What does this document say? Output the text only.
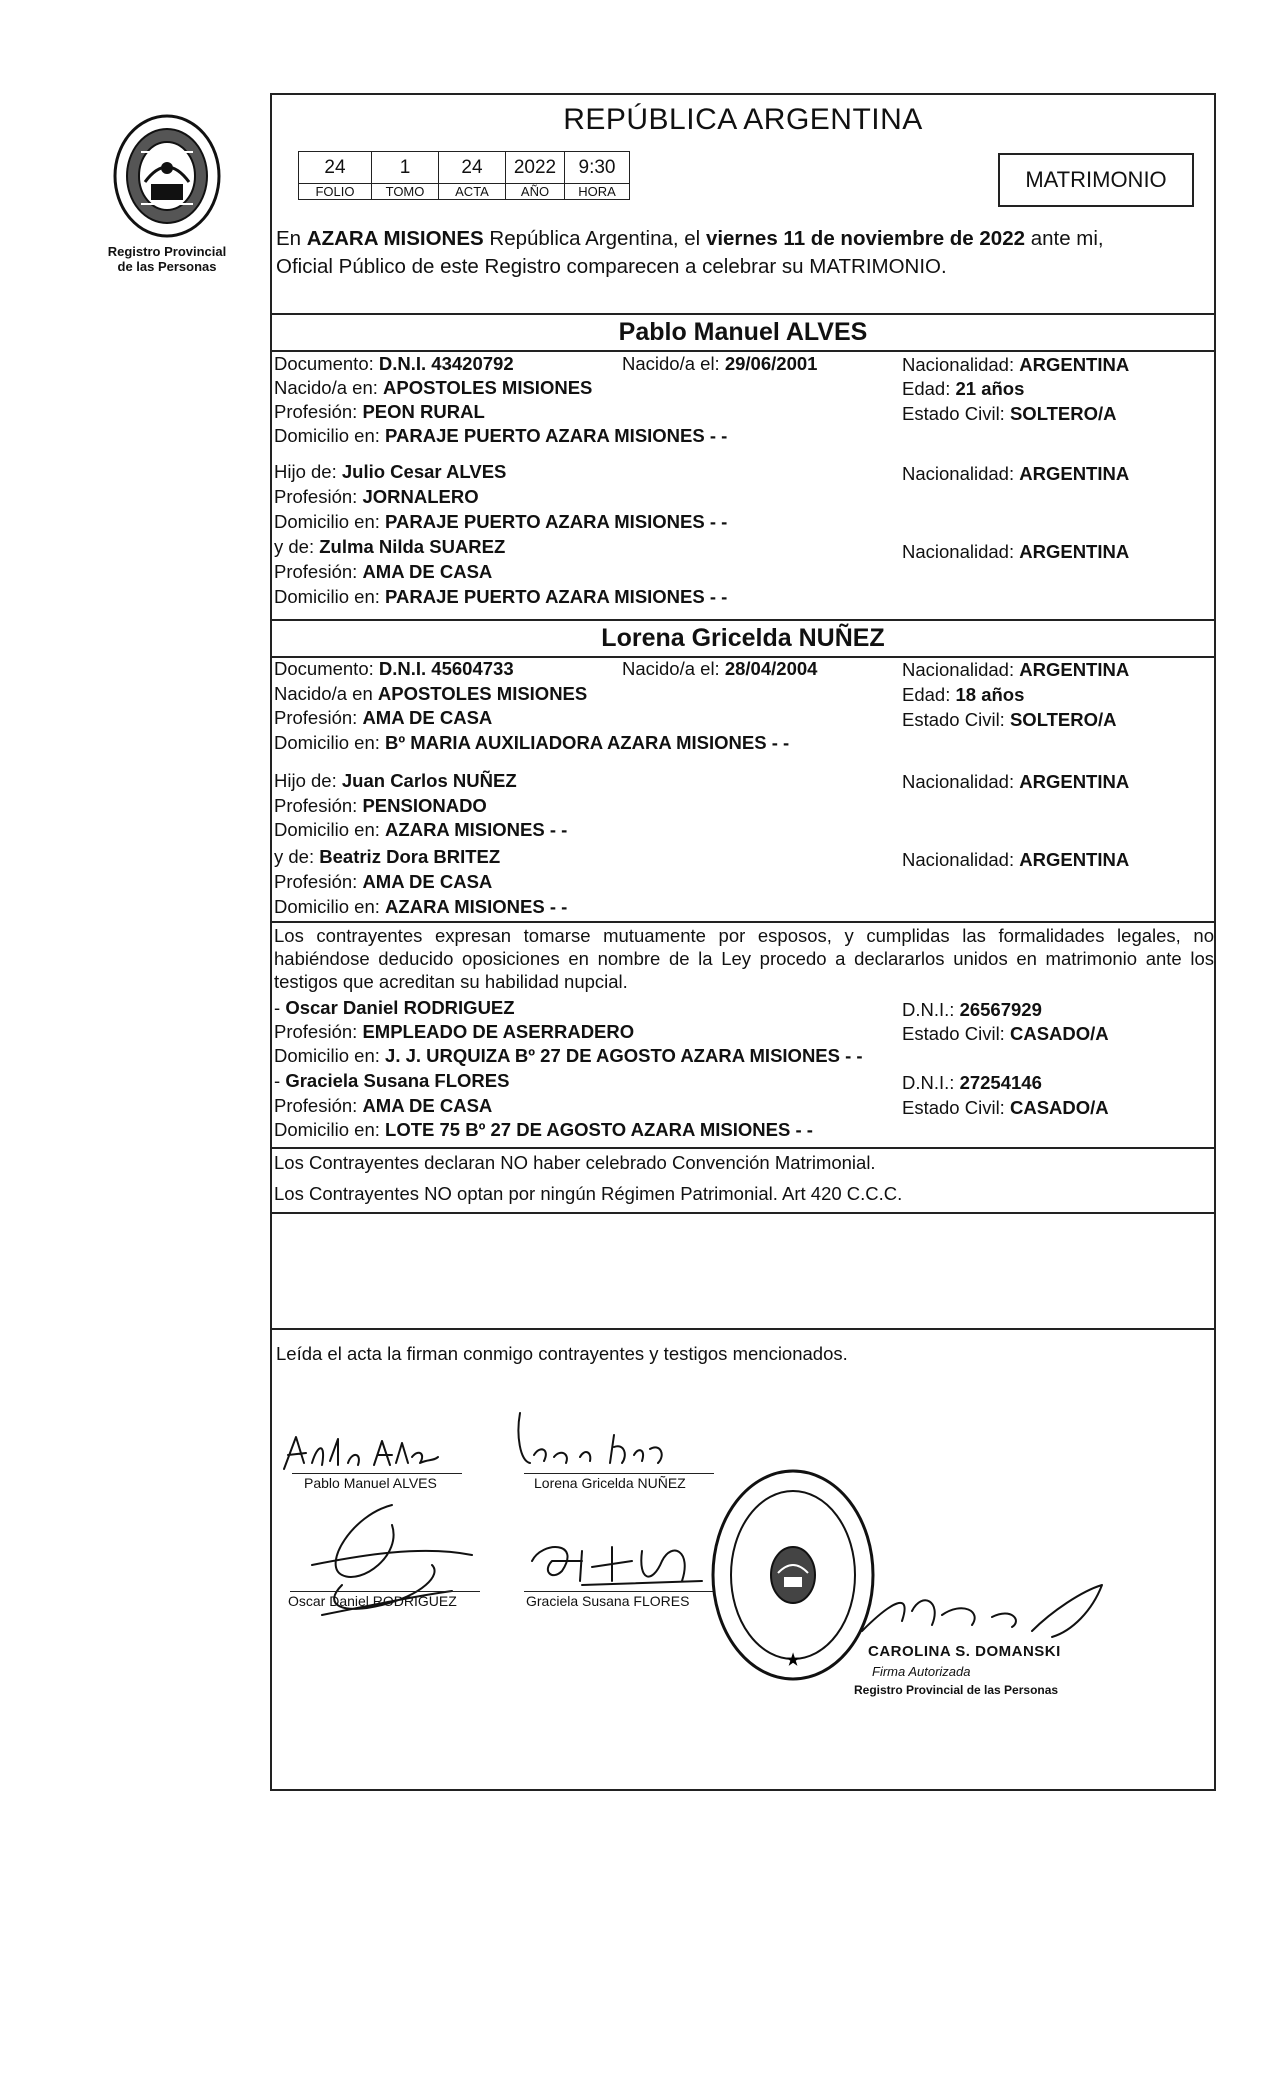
Registro Provincial
de las Personas
REPÚBLICA ARGENTINA
24	1	24	2022	9:30
FOLIO	TOMO	ACTA	AÑO	HORA	MATRIMONIO
En AZARA MISIONES República Argentina, el viernes 11 de noviembre de 2022 ante mi,
Oficial Público de este Registro comparecen a celebrar su MATRIMONIO.
Pablo Manuel ALVES
Documento: D.N.I. 43420792	Nacido/a el: 29/06/2001	Nacionalidad: ARGENTINA
Nacido/a en: APOSTOLES MISIONES	Edad: 21 años
Profesión: PEON RURAL	Estado Civil: SOLTERO/A
Domicilio en: PARAJE PUERTO AZARA MISIONES - -
Hijo de: Julio Cesar ALVES	Nacionalidad: ARGENTINA
Profesión: JORNALERO
Domicilio en: PARAJE PUERTO AZARA MISIONES - -
y de: Zulma Nilda SUAREZ	Nacionalidad: ARGENTINA
Profesión: AMA DE CASA
Domicilio en: PARAJE PUERTO AZARA MISIONES - -
Lorena Gricelda NUÑEZ
Documento: D.N.I. 45604733	Nacido/a el: 28/04/2004	Nacionalidad: ARGENTINA
Nacido/a en APOSTOLES MISIONES	Edad: 18 años
Profesión: AMA DE CASA	Estado Civil: SOLTERO/A
Domicilio en: Bº MARIA AUXILIADORA AZARA MISIONES - -
Hijo de: Juan Carlos NUÑEZ	Nacionalidad: ARGENTINA
Profesión: PENSIONADO
Domicilio en: AZARA MISIONES - -
y de: Beatriz Dora BRITEZ	Nacionalidad: ARGENTINA
Profesión: AMA DE CASA
Domicilio en: AZARA MISIONES - -
Los contrayentes expresan tomarse mutuamente por esposos, y cumplidas las formalidades legales, no habiéndose deducido oposiciones en nombre de la Ley procedo a declararlos unidos en matrimonio ante los testigos que acreditan su habilidad nupcial.
- Oscar Daniel RODRIGUEZ	D.N.I.: 26567929
Profesión: EMPLEADO DE ASERRADERO	Estado Civil: CASADO/A
Domicilio en: J. J. URQUIZA Bº 27 DE AGOSTO AZARA MISIONES - -
- Graciela Susana FLORES	D.N.I.: 27254146
Profesión: AMA DE CASA	Estado Civil: CASADO/A
Domicilio en: LOTE 75 Bº 27 DE AGOSTO AZARA MISIONES - -
Los Contrayentes declaran NO haber celebrado Convención Matrimonial.
Los Contrayentes NO optan por ningún Régimen Patrimonial. Art 420 C.C.C.
Leída el acta la firman conmigo contrayentes y testigos mencionados.
Pablo Manuel ALVES	Lorena Gricelda NUÑEZ
Oscar Daniel RODRIGUEZ	Graciela Susana FLORES
★
CAROLINA S. DOMANSKI
Firma Autorizada
Registro Provincial de las Personas
